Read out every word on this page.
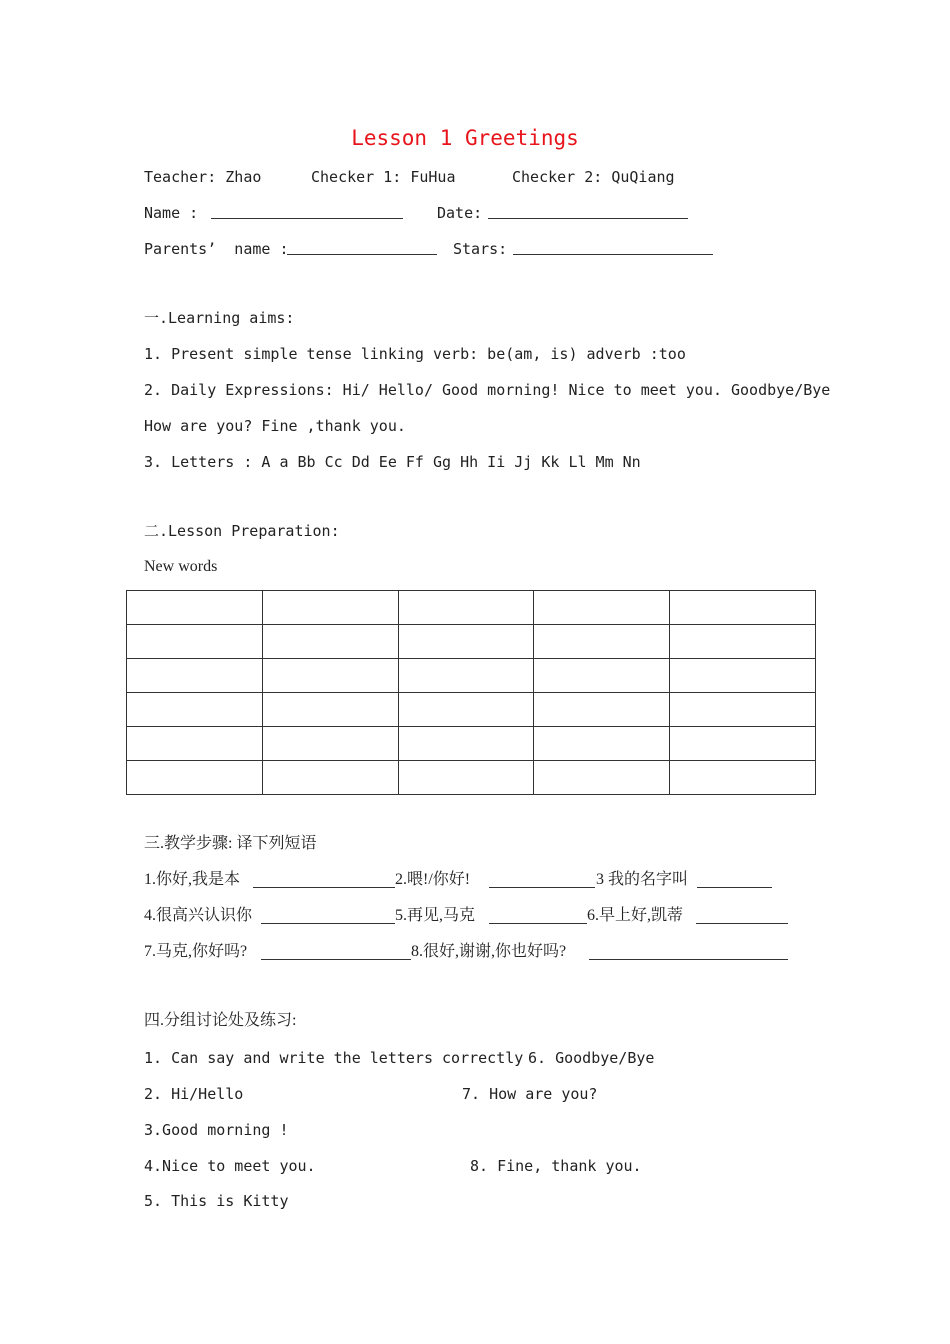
Lesson 1 Greetings
Teacher: Zhao	Checker 1: FuHua	Checker 2: QuQiang
Name :	Date:
Parents’  name :	Stars:
一.Learning aims:
1. Present simple tense linking verb: be(am, is) adverb :too
2. Daily Expressions: Hi/ Hello/ Good morning! Nice to meet you. Goodbye/Bye
How are you? Fine ,thank you.
3. Letters : A a Bb Cc Dd Ee Ff Gg Hh Ii Jj Kk Ll Mm Nn
二.Lesson Preparation:
New words

三.教学步骤: 译下列短语
1.你好,我是本	2.喂!/你好!	3 我的名字叫
4.很高兴认识你	5.再见,马克	6.早上好,凯蒂
7.马克,你好吗?	8.很好,谢谢,你也好吗?
四.分组讨论处及练习:
1. Can say and write the letters correctly 6. Goodbye/Bye
2. Hi/Hello	7. How are you?
3.Good morning !
4.Nice to meet you.	8. Fine, thank you.
5. This is Kitty
